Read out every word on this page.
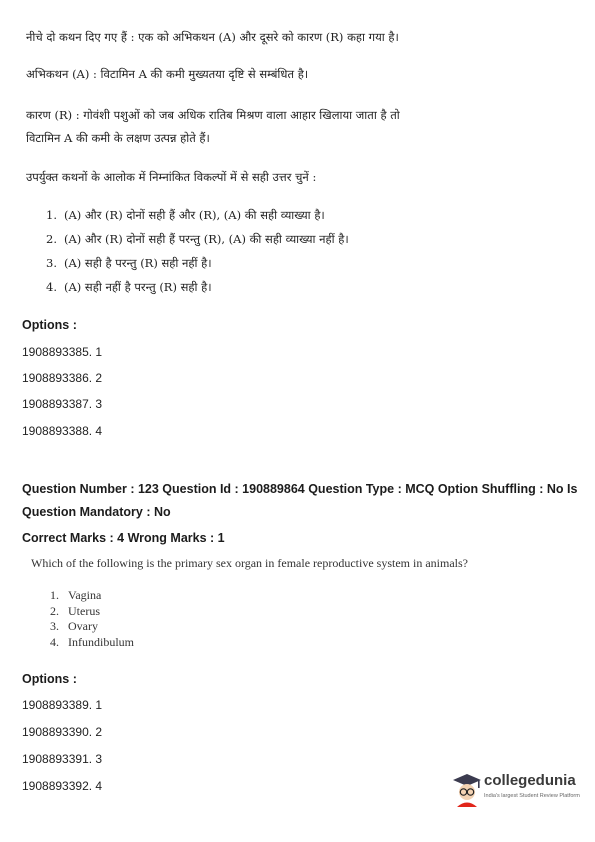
नीचे दो कथन दिए गए हैं : एक को अभिकथन (A) और दूसरे को कारण (R) कहा गया है।
अभिकथन (A) : विटामिन A की कमी मुख्यतया दृष्टि से सम्बंधित है।
कारण (R) : गोवंशी पशुओं को जब अधिक रातिब मिश्रण वाला आहार खिलाया जाता है तो
विटामिन A की कमी के लक्षण उत्पन्न होते हैं।
उपर्युक्त कथनों के आलोक में निम्नांकित विकल्पों में से सही उत्तर चुनें :
1. (A) और (R) दोनों सही हैं और (R), (A) की सही व्याख्या है।
2. (A) और (R) दोनों सही हैं परन्तु (R), (A) की सही व्याख्या नहीं है।
3. (A) सही है परन्तु (R) सही नहीं है।
4. (A) सही नहीं है परन्तु (R) सही है।
Options :
1908893385. 1
1908893386. 2
1908893387. 3
1908893388. 4
Question Number : 123 Question Id : 190889864 Question Type : MCQ Option Shuffling : No Is
Question Mandatory : No
Correct Marks : 4 Wrong Marks : 1
Which of the following is the primary sex organ in female reproductive system in animals?
1. Vagina
2. Uterus
3. Ovary
4. Infundibulum
Options :
1908893389. 1
1908893390. 2
1908893391. 3
1908893392. 4	collegedunia
India's largest Student Review Platform
